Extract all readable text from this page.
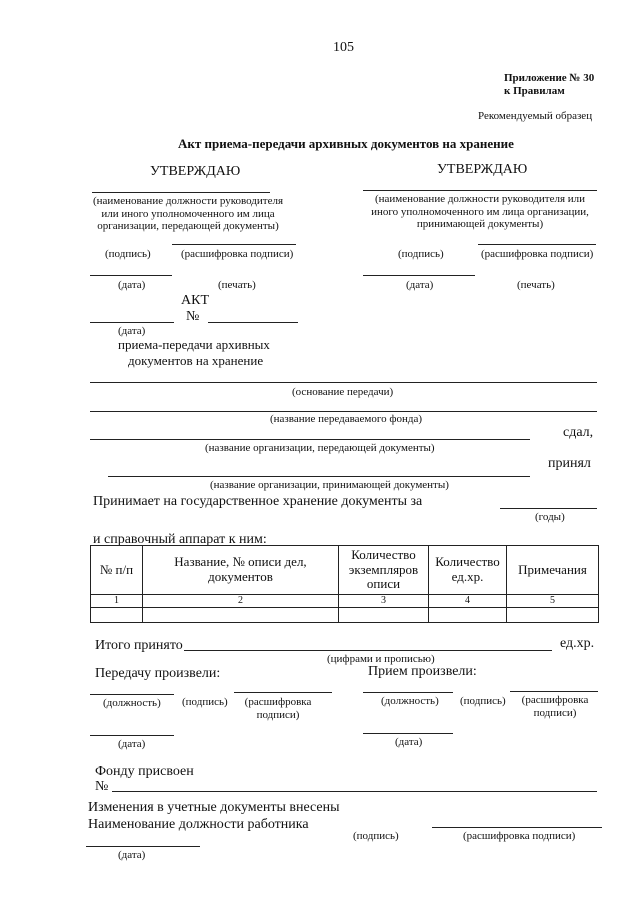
105
Приложение № 30
к Правилам
Рекомендуемый образец
Акт приема-передачи архивных документов на хранение
УТВЕРЖДАЮ
(наименование должности руководителя или иного уполномоченного им лица организации, передающей документы)
(подпись)	(расшифровка подписи)
(дата)	(печать)
УТВЕРЖДАЮ
(наименование должности руководителя или иного уполномоченного им лица организации, принимающей документы)
(подпись)	(расшифровка подписи)
(дата)	(печать)
АКТ
№
(дата)
приема-передачи архивных
документов на хранение
(основание передачи)
(название передаваемого фонда)
сдал,
(название организации, передающей документы)
принял
(название организации, принимающей документы)
Принимает на государственное хранение документы за
(годы)
и справочный аппарат к ним:
№ п/п	Название, № описи дел, документов	Количество экземпляров описи	Количество ед.хр.	Примечания
1	2	3	4	5

Итого принято	ед.хр.
(цифрами и прописью)
Передачу произвели:	Прием произвели:
(должность) (подпись)	(расшифровка подписи)
(дата)
(должность) (подпись)	(расшифровка подписи)
(дата)
Фонду присвоен
№
Изменения в учетные документы внесены
Наименование должности работника
(подпись)	(расшифровка подписи)
(дата)
